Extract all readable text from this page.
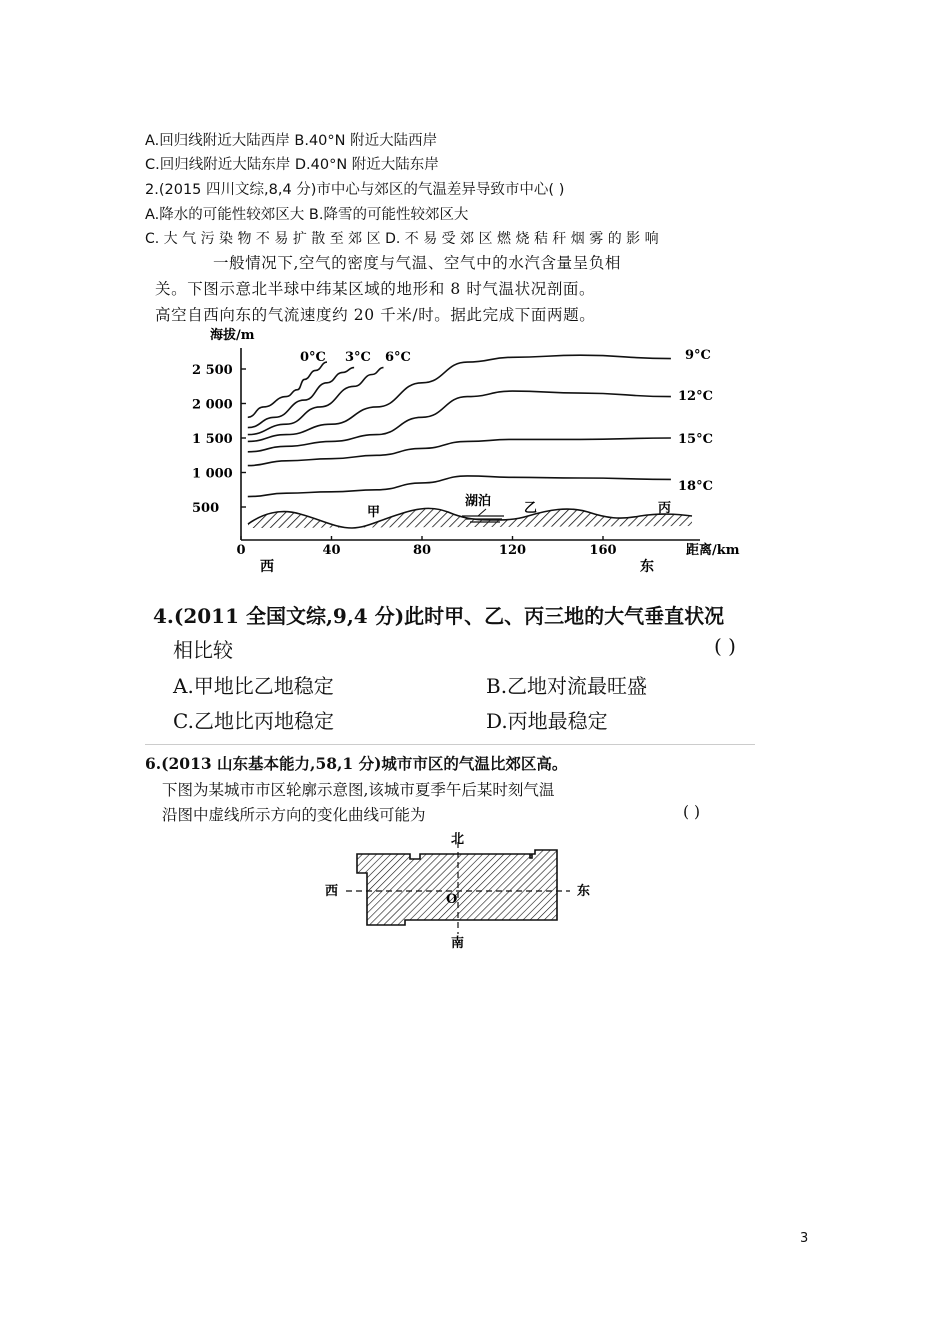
A.回归线附近大陆西岸 B.40°N 附近大陆西岸
C.回归线附近大陆东岸 D.40°N 附近大陆东岸
2.(2015 四川文综,8,4 分)市中心与郊区的气温差异导致市中心( )
A.降水的可能性较郊区大 B.降雪的可能性较郊区大
C. 大 气 污 染 物 不 易 扩 散 至 郊 区 D. 不 易 受 郊 区 燃 烧 秸 秆 烟 雾 的 影 响
一般情况下,空气的密度与气温、空气中的水汽含量呈负相
关。下图示意北半球中纬某区域的地形和 8 时气温状况剖面。
高空自西向东的气流速度约 20 千米/时。据此完成下面两题。
海拔/m
2 500
2 000
1 500
1 000
500
0	40	80	120	160	距离/km
西	东
甲
湖泊	乙	丙
0°C 3°C 6°C	9°C
12°C
15°C
18°C
4.(2011 全国文综,9,4 分)此时甲、乙、丙三地的大气垂直状况
相比较	( )
A.甲地比乙地稳定	B.乙地对流最旺盛
C.乙地比丙地稳定	D.丙地最稳定
6.(2013 山东基本能力,58,1 分)城市市区的气温比郊区高。
下图为某城市市区轮廓示意图,该城市夏季午后某时刻气温
沿图中虚线所示方向的变化曲线可能为	( )
北
南
西	东
O
3
